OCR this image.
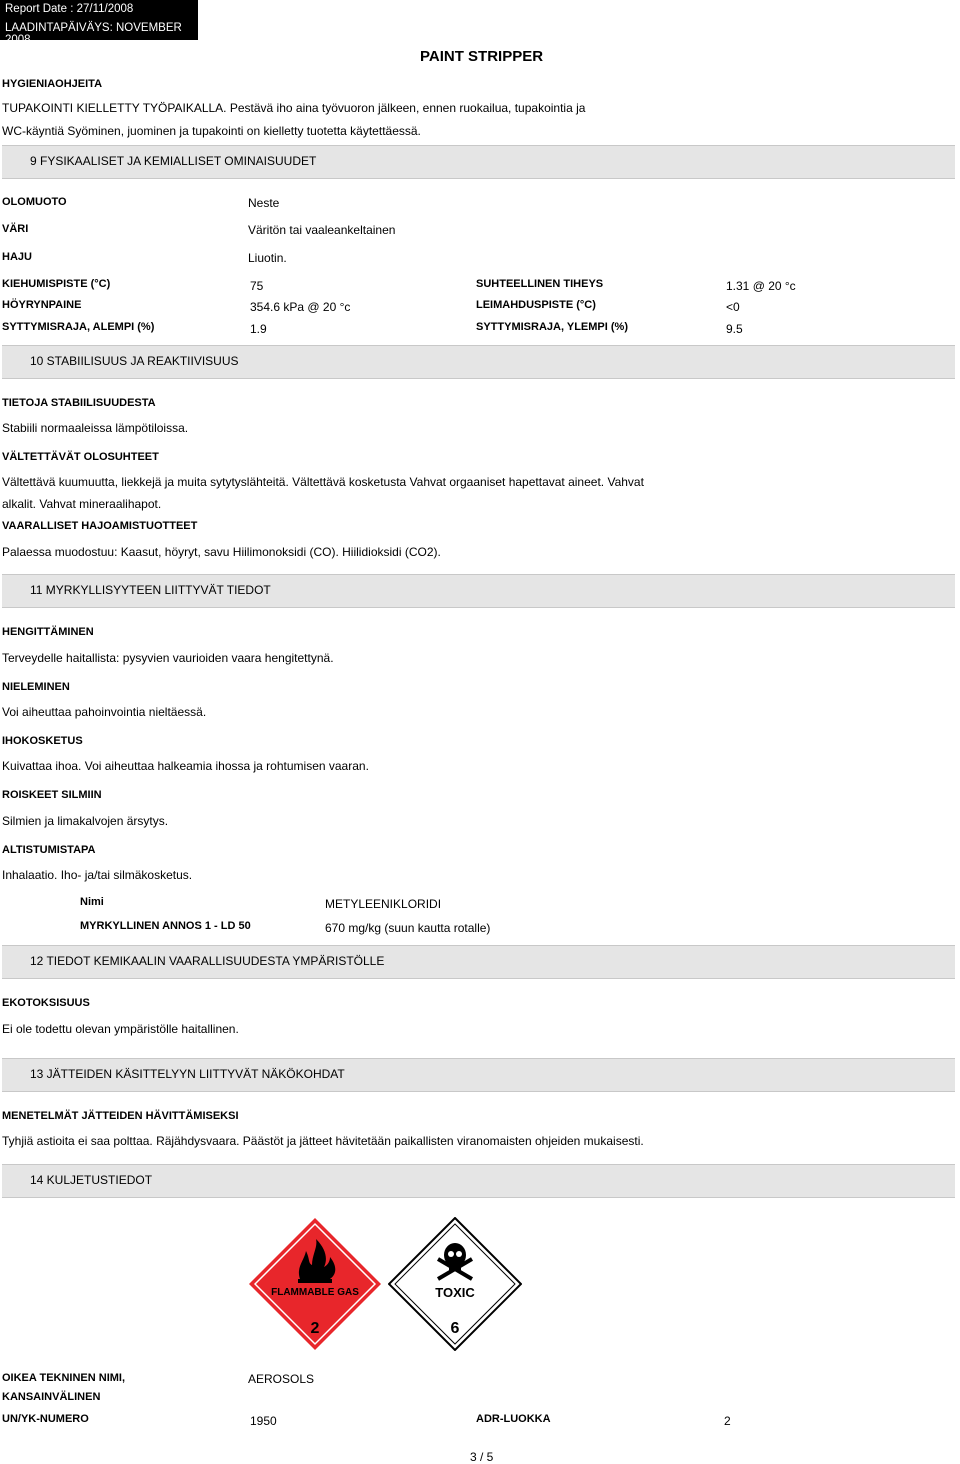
Report Date : 27/11/2008
LAADINTAPÄIVÄYS: NOVEMBER 2008
PAINT STRIPPER
HYGIENIAOHJEITA
TUPAKOINTI KIELLETTY TYÖPAIKALLA. Pestävä iho aina työvuoron jälkeen, ennen ruokailua, tupakointia ja
WC-käyntiä Syöminen, juominen ja tupakointi on kielletty tuotetta käytettäessä.
9 FYSIKAALISET JA KEMIALLISET OMINAISUUDET
OLOMUOTO	Neste
VÄRI	Väritön tai vaaleankeltainen
HAJU	Liuotin.
KIEHUMISPISTE (°C)	75	SUHTEELLINEN TIHEYS	1.31 @ 20 °c
HÖYRYNPAINE	354.6 kPa @ 20 °c	LEIMAHDUSPISTE (°C)	<0
SYTTYMISRAJA, ALEMPI (%)	1.9	SYTTYMISRAJA, YLEMPI (%)	9.5
10 STABIILISUUS JA REAKTIIVISUUS
TIETOJA STABIILISUUDESTA
Stabiili normaaleissa lämpötiloissa.
VÄLTETTÄVÄT OLOSUHTEET
Vältettävä kuumuutta, liekkejä ja muita sytytyslähteitä. Vältettävä kosketusta Vahvat orgaaniset hapettavat aineet. Vahvat
alkalit. Vahvat mineraalihapot.
VAARALLISET HAJOAMISTUOTTEET
Palaessa muodostuu: Kaasut, höyryt, savu Hiilimonoksidi (CO). Hiilidioksidi (CO2).
11 MYRKYLLISYYTEEN LIITTYVÄT TIEDOT
HENGITTÄMINEN
Terveydelle haitallista: pysyvien vaurioiden vaara hengitettynä.
NIELEMINEN
Voi aiheuttaa pahoinvointia nieltäessä.
IHOKOSKETUS
Kuivattaa ihoa. Voi aiheuttaa halkeamia ihossa ja rohtumisen vaaran.
ROISKEET SILMIIN
Silmien ja limakalvojen ärsytys.
ALTISTUMISTAPA
Inhalaatio. Iho- ja/tai silmäkosketus.
Nimi	METYLEENIKLORIDI
MYRKYLLINEN ANNOS 1 - LD 50	670 mg/kg (suun kautta rotalle)
12 TIEDOT KEMIKAALIN VAARALLISUUDESTA YMPÄRISTÖLLE
EKOTOKSISUUS
Ei ole todettu olevan ympäristölle haitallinen.
13 JÄTTEIDEN KÄSITTELYYN LIITTYVÄT NÄKÖKOHDAT
MENETELMÄT JÄTTEIDEN HÄVITTÄMISEKSI
Tyhjiä astioita ei saa polttaa. Räjähdysvaara. Päästöt ja jätteet hävitetään paikallisten viranomaisten ohjeiden mukaisesti.
14 KULJETUSTIEDOT
FLAMMABLE GAS
2
TOXIC
6
OIKEA TEKNINEN NIMI,
KANSAINVÄLINEN
AEROSOLS
UN/YK-NUMERO	1950	ADR-LUOKKA	2
3 / 5
